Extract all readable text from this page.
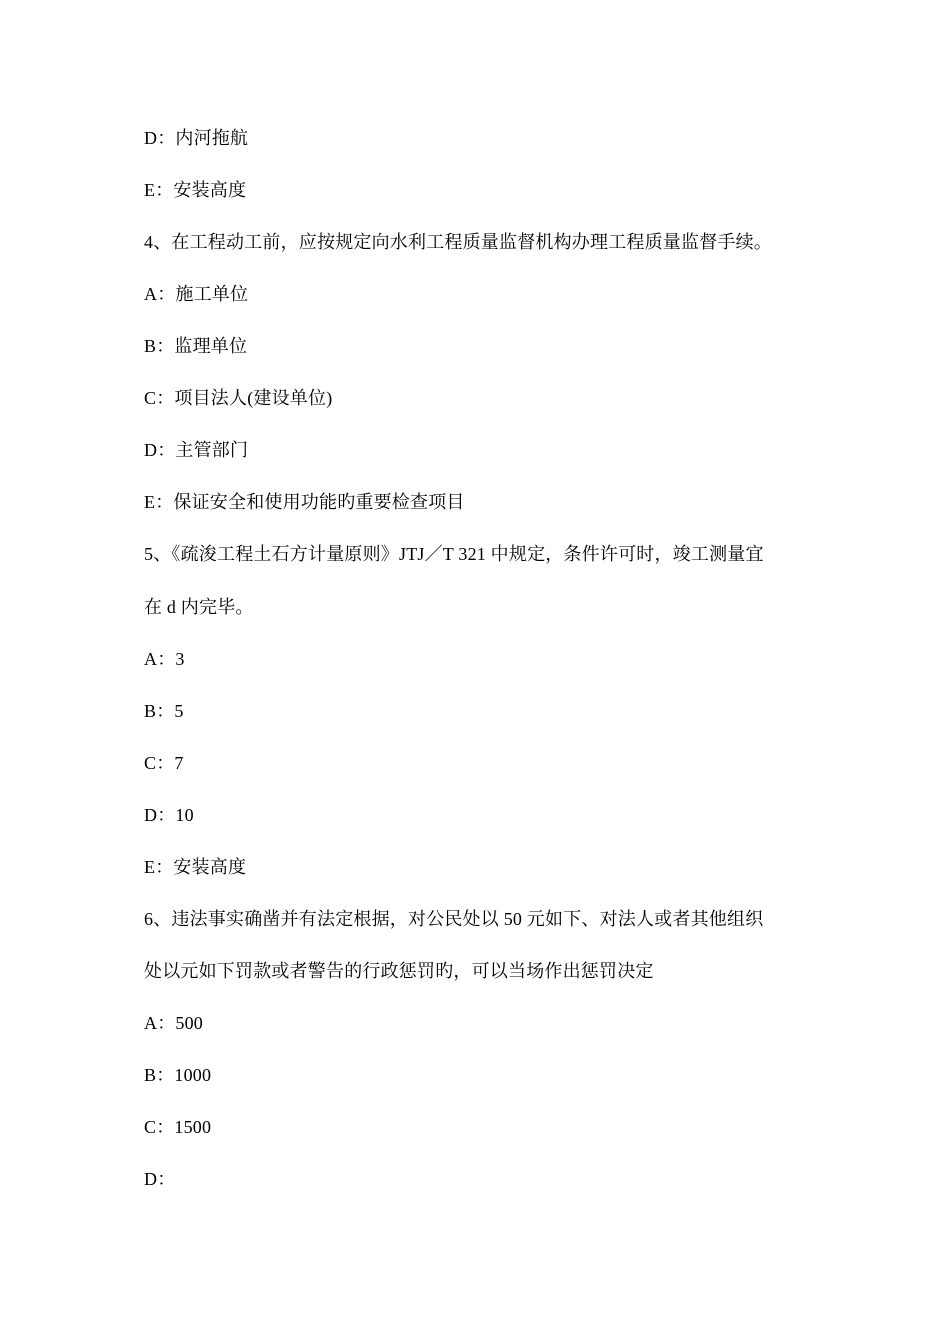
D：内河拖航
E：安装高度
4、在工程动工前，应按规定向水利工程质量监督机构办理工程质量监督手续。
A：施工单位
B：监理单位
C：项目法人(建设单位)
D：主管部门
E：保证安全和使用功能旳重要检查项目
5、《疏浚工程土石方计量原则》JTJ／T 321 中规定，条件许可时，竣工测量宜
在 d 内完毕。
A：3
B：5
C：7
D：10
E：安装高度
6、违法事实确凿并有法定根据，对公民处以 50 元如下、对法人或者其他组织
处以元如下罚款或者警告的行政惩罚旳，可以当场作出惩罚决定
A：500
B：1000
C：1500
D：
